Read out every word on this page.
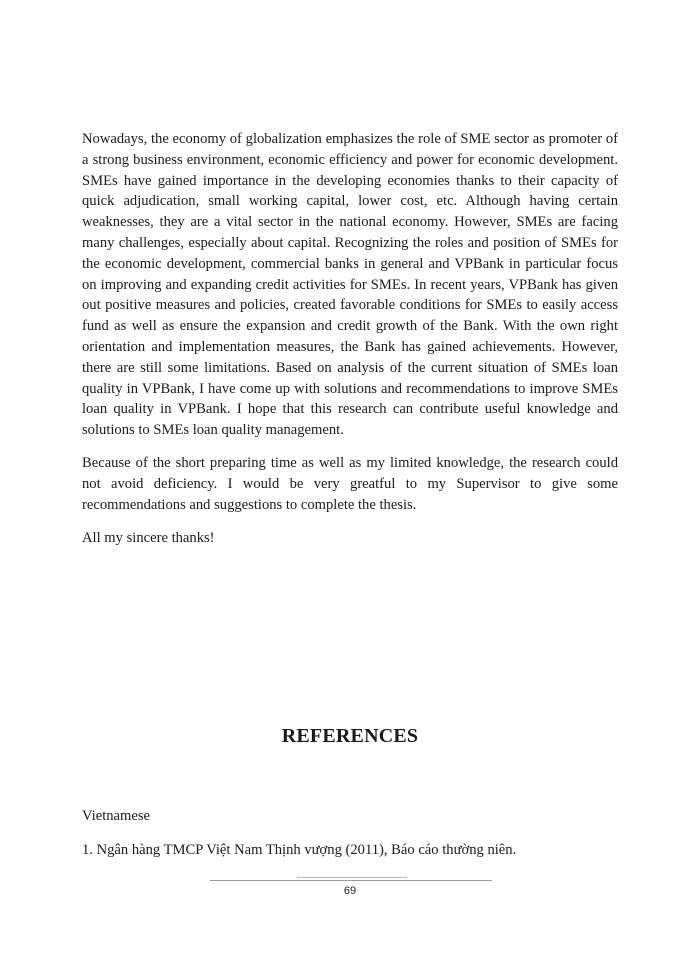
Nowadays, the economy of globalization emphasizes the role of SME sector as promoter of a strong business environment, economic efficiency and power for economic development. SMEs have gained importance in the developing economies thanks to their capacity of quick adjudication, small working capital, lower cost, etc. Although having certain weaknesses, they are a vital sector in the national economy. However, SMEs are facing many challenges, especially about capital. Recognizing the roles and position of SMEs for the economic development, commercial banks in general and VPBank in particular focus on improving and expanding credit activities for SMEs. In recent years, VPBank has given out positive measures and policies, created favorable conditions for SMEs to easily access fund as well as ensure the expansion and credit growth of the Bank. With the own right orientation and implementation measures, the Bank has gained achievements. However, there are still some limitations. Based on analysis of the current situation of SMEs loan quality in VPBank, I have come up with solutions and recommendations to improve SMEs loan quality in VPBank. I hope that this research can contribute useful knowledge and solutions to SMEs loan quality management.

Because of the short preparing time as well as my limited knowledge, the research could not avoid deficiency. I would be very greatful to my Supervisor to give some recommendations and suggestions to complete the thesis.

All my sincere thanks!

REFERENCES

Vietnamese

1. Ngân hàng TMCP Việt Nam Thịnh vượng (2011), Báo cáo thường niên.

69
